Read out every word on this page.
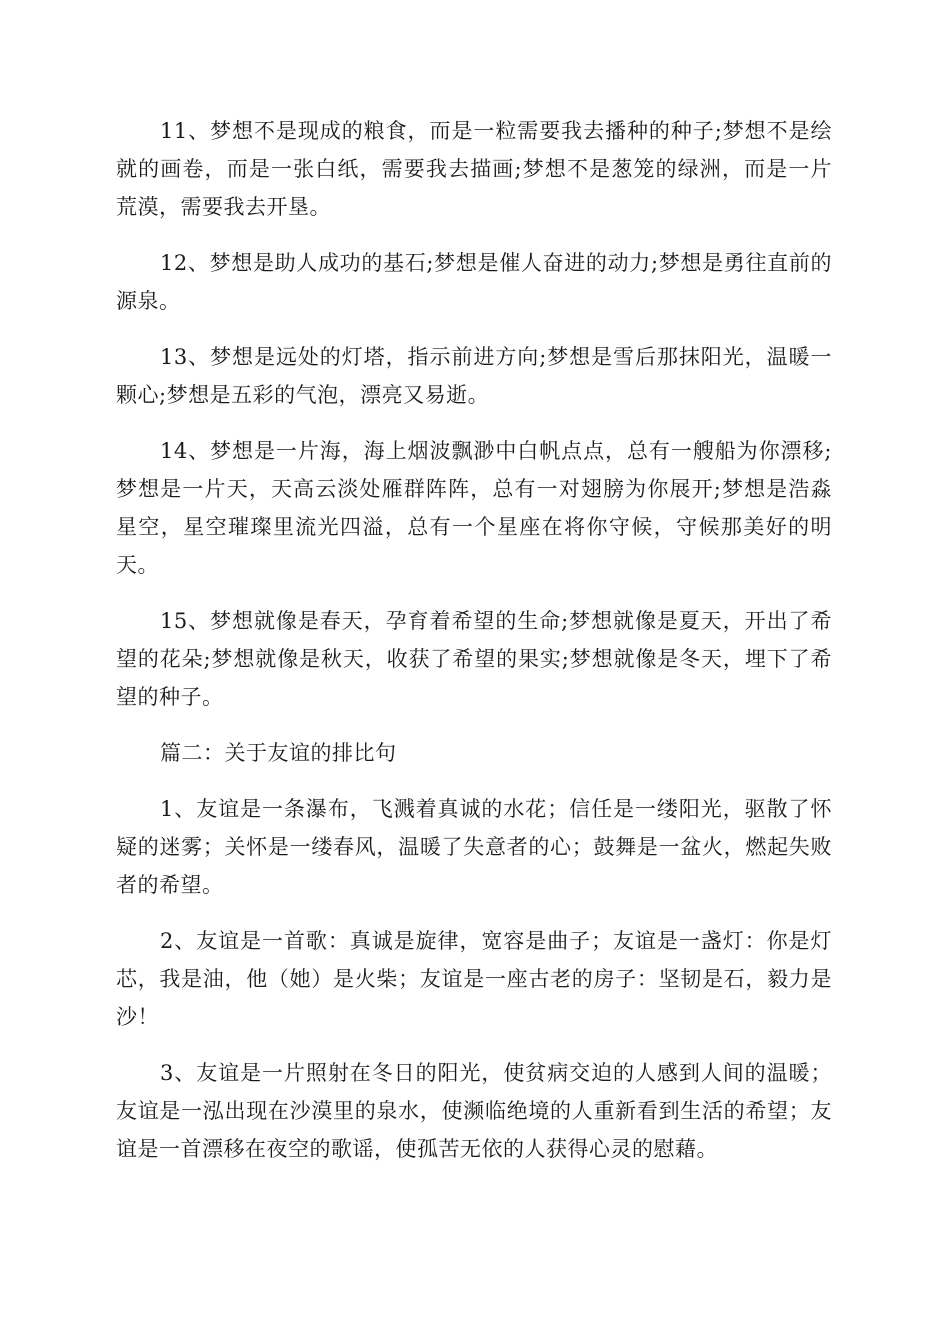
11、梦想不是现成的粮食，而是一粒需要我去播种的种子;梦想不是绘就的画卷，而是一张白纸，需要我去描画;梦想不是葱笼的绿洲，而是一片荒漠，需要我去开垦。

12、梦想是助人成功的基石;梦想是催人奋进的动力;梦想是勇往直前的源泉。

13、梦想是远处的灯塔，指示前进方向;梦想是雪后那抹阳光，温暖一颗心;梦想是五彩的气泡，漂亮又易逝。

14、梦想是一片海，海上烟波飘渺中白帆点点，总有一艘船为你漂移;梦想是一片天，天高云淡处雁群阵阵，总有一对翅膀为你展开;梦想是浩淼星空，星空璀璨里流光四溢，总有一个星座在将你守候，守候那美好的明天。

15、梦想就像是春天，孕育着希望的生命;梦想就像是夏天，开出了希望的花朵;梦想就像是秋天，收获了希望的果实;梦想就像是冬天，埋下了希望的种子。

篇二：关于友谊的排比句

1、友谊是一条瀑布，飞溅着真诚的水花；信任是一缕阳光，驱散了怀疑的迷雾；关怀是一缕春风，温暖了失意者的心；鼓舞是一盆火，燃起失败者的希望。

2、友谊是一首歌：真诚是旋律，宽容是曲子；友谊是一盏灯：你是灯芯，我是油，他（她）是火柴；友谊是一座古老的房子：坚韧是石，毅力是沙！

3、友谊是一片照射在冬日的阳光，使贫病交迫的人感到人间的温暖；友谊是一泓出现在沙漠里的泉水，使濒临绝境的人重新看到生活的希望；友谊是一首漂移在夜空的歌谣，使孤苦无依的人获得心灵的慰藉。
